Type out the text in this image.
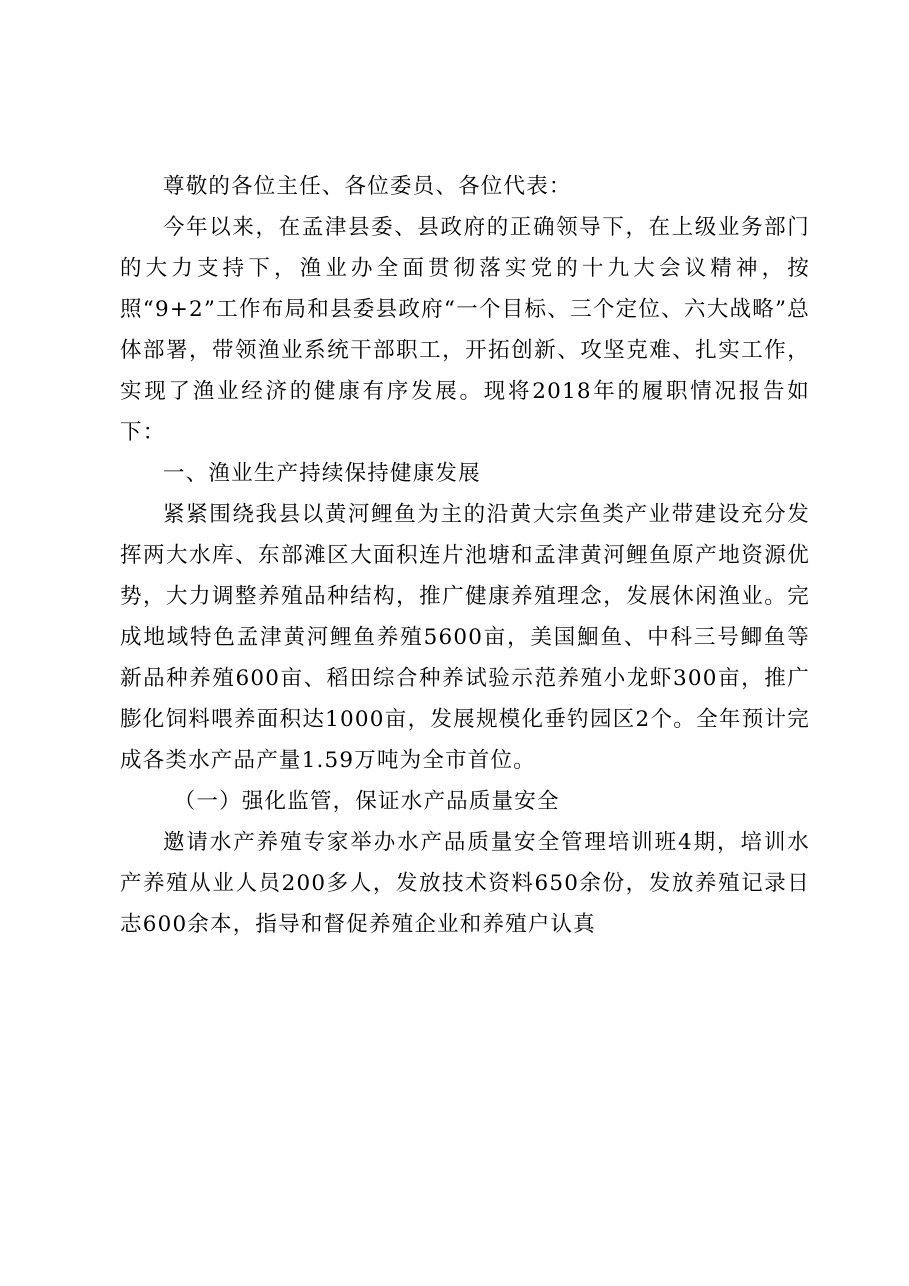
尊敬的各位主任、各位委员、各位代表：

今年以来，在孟津县委、县政府的正确领导下，在上级业务部门的大力支持下，渔业办全面贯彻落实党的十九大会议精神，按照“9+2”工作布局和县委县政府“一个目标、三个定位、六大战略”总体部署，带领渔业系统干部职工，开拓创新、攻坚克难、扎实工作，实现了渔业经济的健康有序发展。现将2018年的履职情况报告如下：

一、渔业生产持续保持健康发展

紧紧围绕我县以黄河鲤鱼为主的沿黄大宗鱼类产业带建设充分发挥两大水库、东部滩区大面积连片池塘和孟津黄河鲤鱼原产地资源优势，大力调整养殖品种结构，推广健康养殖理念，发展休闲渔业。完成地域特色孟津黄河鲤鱼养殖5600亩，美国鮰鱼、中科三号鲫鱼等新品种养殖600亩、稻田综合种养试验示范养殖小龙虾300亩，推广膨化饲料喂养面积达1000亩，发展规模化垂钓园区2个。全年预计完成各类水产品产量1.59万吨为全市首位。

（一）强化监管，保证水产品质量安全

邀请水产养殖专家举办水产品质量安全管理培训班4期，培训水产养殖从业人员200多人，发放技术资料650余份，发放养殖记录日志600余本，指导和督促养殖企业和养殖户认真
